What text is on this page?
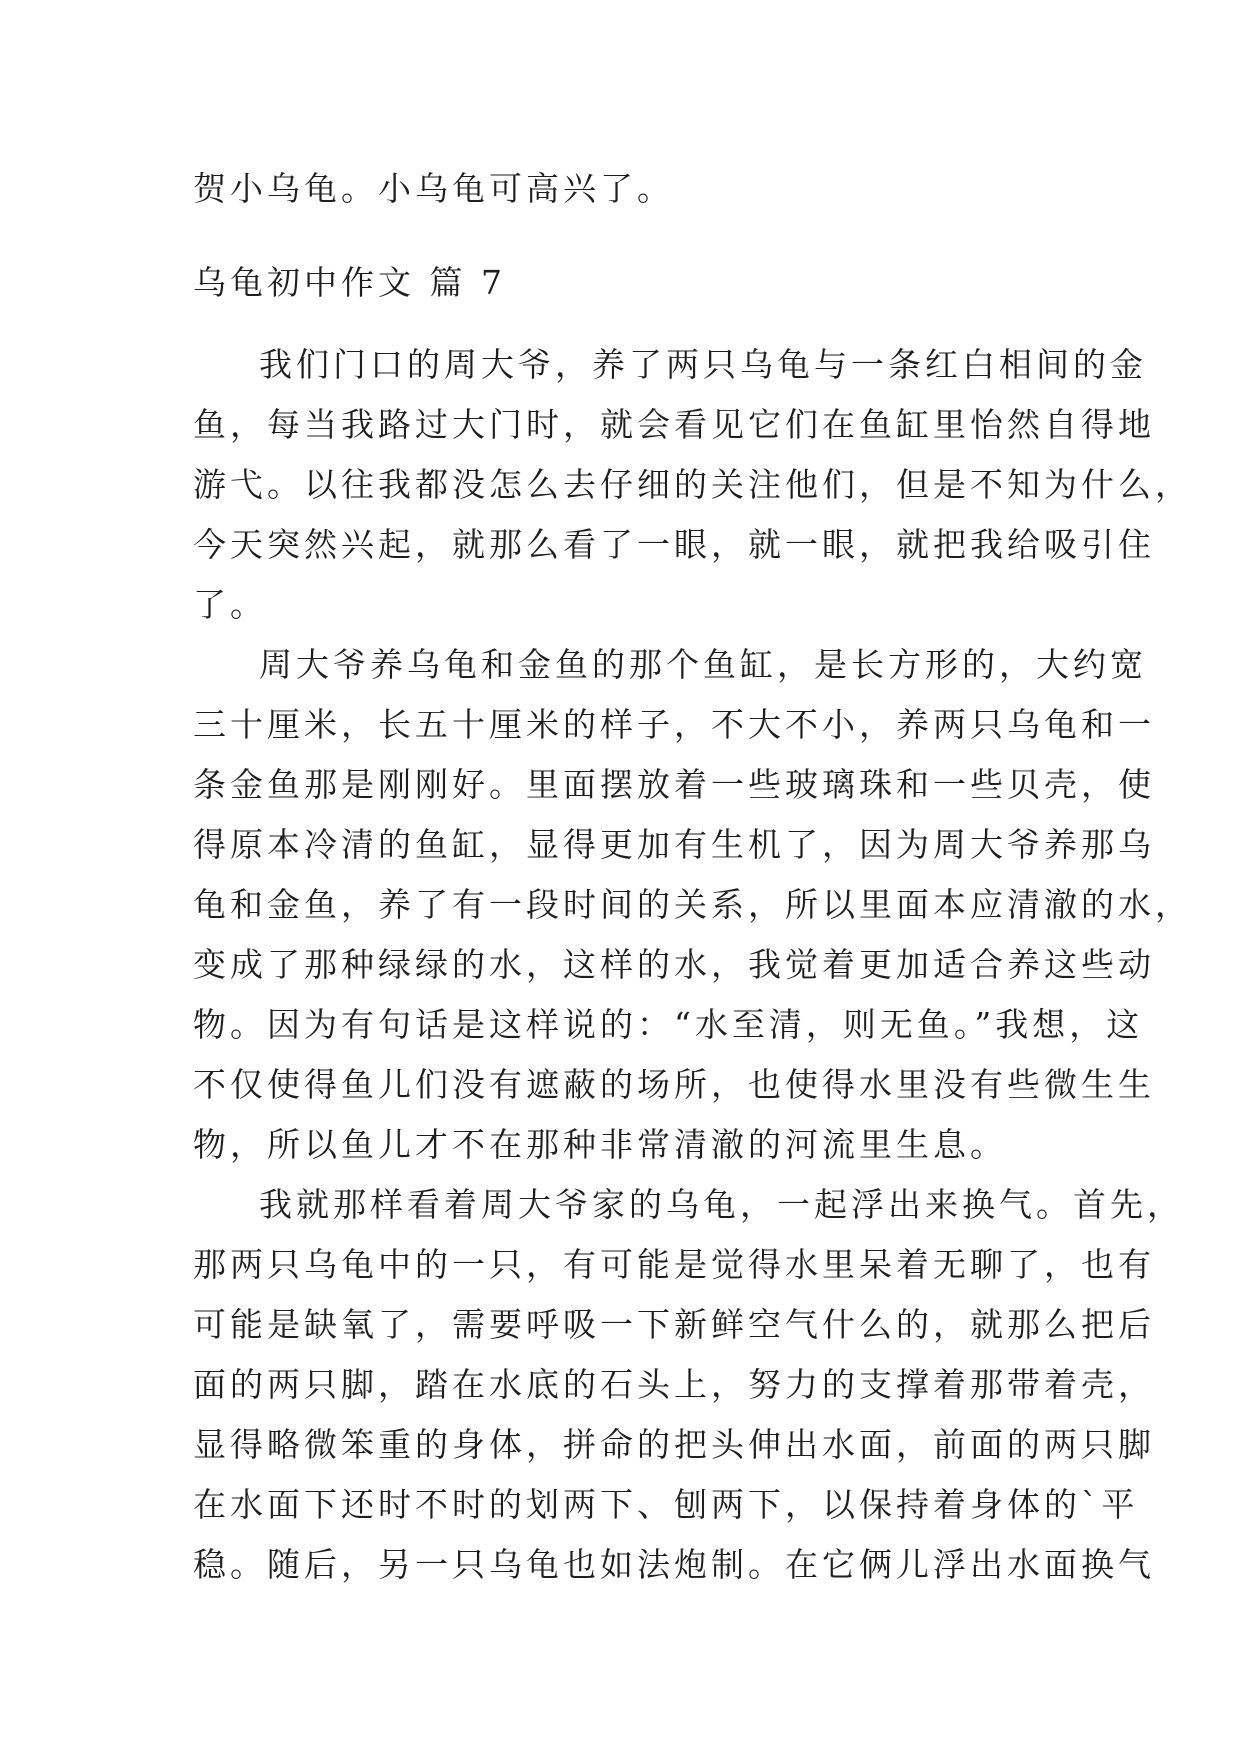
贺小乌龟。小乌龟可高兴了。
乌龟初中作文 篇 7
我们门口的周大爷，养了两只乌龟与一条红白相间的金
鱼，每当我路过大门时，就会看见它们在鱼缸里怡然自得地
游弋。以往我都没怎么去仔细的关注他们，但是不知为什么，
今天突然兴起，就那么看了一眼，就一眼，就把我给吸引住
了。
周大爷养乌龟和金鱼的那个鱼缸，是长方形的，大约宽
三十厘米，长五十厘米的样子，不大不小，养两只乌龟和一
条金鱼那是刚刚好。里面摆放着一些玻璃珠和一些贝壳，使
得原本冷清的鱼缸，显得更加有生机了，因为周大爷养那乌
龟和金鱼，养了有一段时间的关系，所以里面本应清澈的水，
变成了那种绿绿的水，这样的水，我觉着更加适合养这些动
物。因为有句话是这样说的：“水至清，则无鱼。”我想，这
不仅使得鱼儿们没有遮蔽的场所，也使得水里没有些微生生
物，所以鱼儿才不在那种非常清澈的河流里生息。
我就那样看着周大爷家的乌龟，一起浮出来换气。首先，
那两只乌龟中的一只，有可能是觉得水里呆着无聊了，也有
可能是缺氧了，需要呼吸一下新鲜空气什么的，就那么把后
面的两只脚，踏在水底的石头上，努力的支撑着那带着壳，
显得略微笨重的身体，拼命的把头伸出水面，前面的两只脚
在水面下还时不时的划两下、刨两下，以保持着身体的`平
稳。随后，另一只乌龟也如法炮制。在它俩儿浮出水面换气
